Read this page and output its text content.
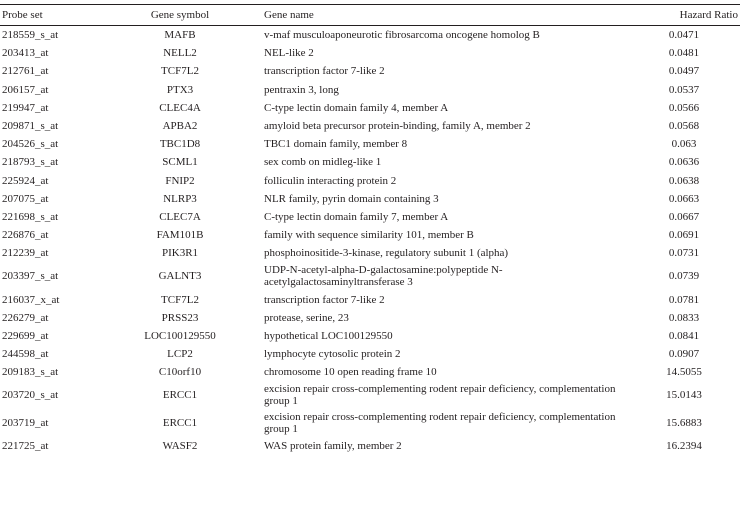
Probe set	Gene symbol	Gene name	Hazard Ratio
218559_s_at	MAFB	v-maf musculoaponeurotic fibrosarcoma oncogene homolog B	0.0471
203413_at	NELL2	NEL-like 2	0.0481
212761_at	TCF7L2	transcription factor 7-like 2	0.0497
206157_at	PTX3	pentraxin 3, long	0.0537
219947_at	CLEC4A	C-type lectin domain family 4, member A	0.0566
209871_s_at	APBA2	amyloid beta precursor protein-binding, family A, member 2	0.0568
204526_s_at	TBC1D8	TBC1 domain family, member 8	0.063
218793_s_at	SCML1	sex comb on midleg-like 1	0.0636
225924_at	FNIP2	folliculin interacting protein 2	0.0638
207075_at	NLRP3	NLR family, pyrin domain containing 3	0.0663
221698_s_at	CLEC7A	C-type lectin domain family 7, member A	0.0667
226876_at	FAM101B	family with sequence similarity 101, member B	0.0691
212239_at	PIK3R1	phosphoinositide-3-kinase, regulatory subunit 1 (alpha)	0.0731
203397_s_at	GALNT3	UDP-N-acetyl-alpha-D-galactosamine:polypeptide N-acetylgalactosaminyltransferase 3	0.0739
216037_x_at	TCF7L2	transcription factor 7-like 2	0.0781
226279_at	PRSS23	protease, serine, 23	0.0833
229699_at	LOC100129550	hypothetical LOC100129550	0.0841
244598_at	LCP2	lymphocyte cytosolic protein 2	0.0907
209183_s_at	C10orf10	chromosome 10 open reading frame 10	14.5055
203720_s_at	ERCC1	excision repair cross-complementing rodent repair deficiency, complementation group 1	15.0143
203719_at	ERCC1	excision repair cross-complementing rodent repair deficiency, complementation group 1	15.6883
221725_at	WASF2	WAS protein family, member 2	16.2394
